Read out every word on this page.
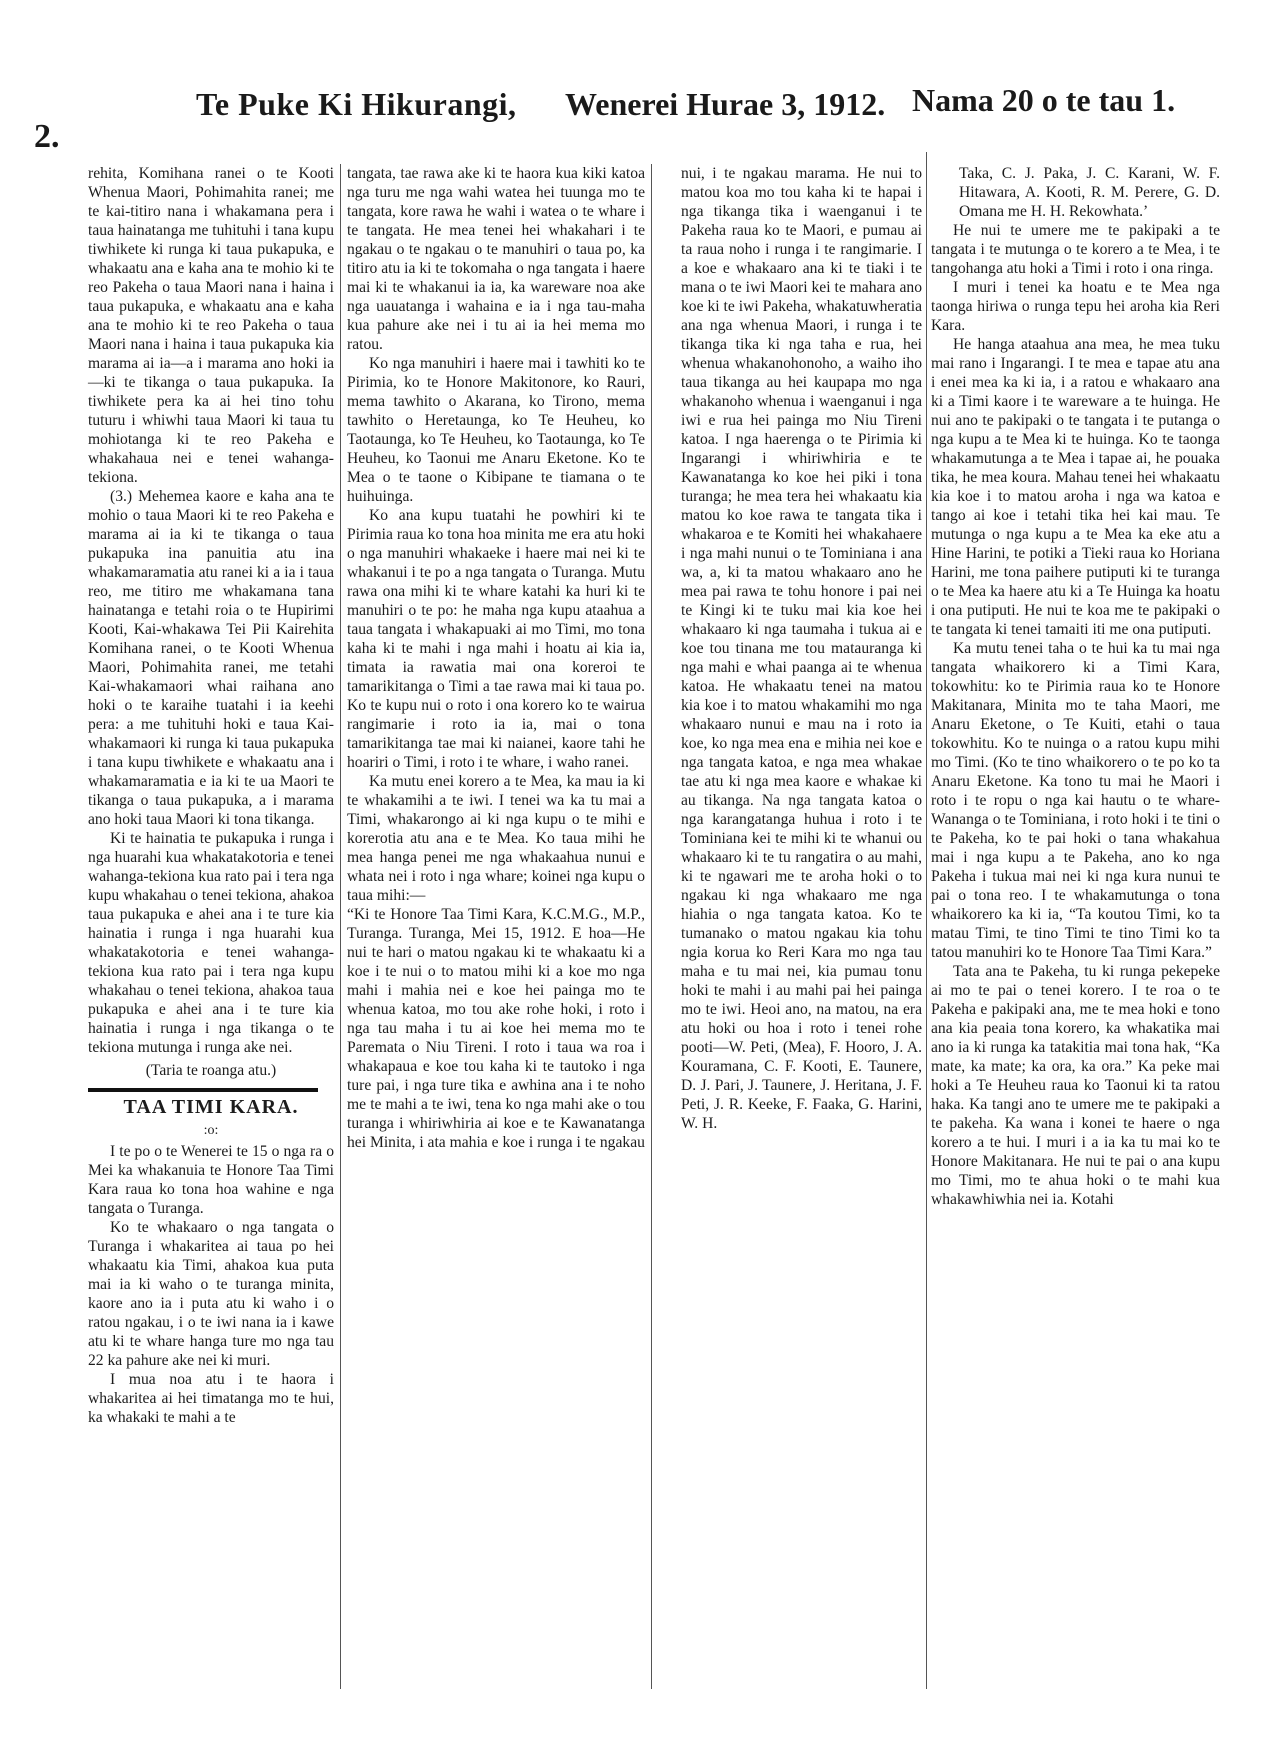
2.
Te Puke Ki Hikurangi, Wenerei Hurae 3, 1912. Nama 20 o te tau 1.

rehita, Komihana ranei o te Kooti Whenua Maori, Pohimahita ranei; me te kai-titiro nana i whakamana pera i taua hainatanga me tuhituhi i tana kupu tiwhikete ki runga ki taua pukapuka, e whakaatu ana e kaha ana te mohio ki te reo Pakeha o taua Maori nana i haina i taua pukapuka, e whakaatu ana e kaha ana te mohio ki te reo Pakeha o taua Maori nana i haina i taua pukapuka kia marama ai ia—a i marama ano hoki ia—ki te tikanga o taua pukapuka. Ia tiwhikete pera ka ai hei tino tohu tuturu i whiwhi taua Maori ki taua tu mohiotanga ki te reo Pakeha e whakahaua nei e tenei wahanga-tekiona.

(3.) Mehemea kaore e kaha ana te mohio o taua Maori ki te reo Pakeha e marama ai ia ki te tikanga o taua pukapuka ina panuitia atu ina whakamaramatia atu ranei ki a ia i taua reo, me titiro me whakamana tana hainatanga e tetahi roia o te Hupirimi Kooti, Kai-whakawa Tei Pii Kairehita Komihana ranei, o te Kooti Whenua Maori, Pohimahita ranei, me tetahi Kai-whakamaori whai raihana ano hoki o te karaihe tuatahi i ia keehi pera: a me tuhituhi hoki e taua Kai-whakamaori ki runga ki taua pukapuka i tana kupu tiwhikete e whakaatu ana i whakamaramatia e ia ki te ua Maori te tikanga o taua pukapuka, a i marama ano hoki taua Maori ki tona tikanga.

Ki te hainatia te pukapuka i runga i nga huarahi kua whakatakotoria e tenei wahanga-tekiona kua rato pai i tera nga kupu whakahau o tenei tekiona, ahakoa taua pukapuka e ahei ana i te ture kia hainatia i runga i nga huarahi kua whakatakotoria e tenei wahanga-tekiona kua rato pai i tera nga kupu whakahau o tenei tekiona, ahakoa taua pukapuka e ahei ana i te ture kia hainatia i runga i nga tikanga o te tekiona mutunga i runga ake nei.

(Taria te roanga atu.)

TAA TIMI KARA.
:o:

I te po o te Wenerei te 15 o nga ra o Mei ka whakanuia te Honore Taa Timi Kara raua ko tona hoa wahine e nga tangata o Turanga.

Ko te whakaaro o nga tangata o Turanga i whakaritea ai taua po hei whakaatu kia Timi, ahakoa kua puta mai ia ki waho o te turanga minita, kaore ano ia i puta atu ki waho i o ratou ngakau, i o te iwi nana ia i kawe atu ki te whare hanga ture mo nga tau 22 ka pahure ake nei ki muri.

I mua noa atu i te haora i whakaritea ai hei timatanga mo te hui, ka whakaki te mahi a te

tangata, tae rawa ake ki te haora kua kiki katoa nga turu me nga wahi watea hei tuunga mo te tangata, kore rawa he wahi i watea o te whare i te tangata. He mea tenei hei whakahari i te ngakau o te ngakau o te manuhiri o taua po, ka titiro atu ia ki te tokomaha o nga tangata i haere mai ki te whakanui ia ia, ka wareware noa ake nga uauatanga i wahaina e ia i nga tau-maha kua pahure ake nei i tu ai ia hei mema mo ratou.

Ko nga manuhiri i haere mai i tawhiti ko te Pirimia, ko te Honore Makitonore, ko Rauri, mema tawhito o Akarana, ko Tirono, mema tawhito o Heretaunga, ko Te Heuheu, ko Taotaunga, ko Te Heuheu, ko Taotaunga, ko Te Heuheu, ko Taonui me Anaru Eketone. Ko te Mea o te taone o Kibipane te tiamana o te huihuinga.

Ko ana kupu tuatahi he powhiri ki te Pirimia raua ko tona hoa minita me era atu hoki o nga manuhiri whakaeke i haere mai nei ki te whakanui i te po a nga tangata o Turanga. Mutu rawa ona mihi ki te whare katahi ka huri ki te manuhiri o te po: he maha nga kupu ataahua a taua tangata i whakapuaki ai mo Timi, mo tona kaha ki te mahi i nga mahi i hoatu ai kia ia, timata ia rawatia mai ona koreroi te tamarikitanga o Timi a tae rawa mai ki taua po. Ko te kupu nui o roto i ona korero ko te wairua rangimarie i roto ia ia, mai o tona tamarikitanga tae mai ki naianei, kaore tahi he hoariri o Timi, i roto i te whare, i waho ranei.

Ka mutu enei korero a te Mea, ka mau ia ki te whakamihi a te iwi. I tenei wa ka tu mai a Timi, whakarongo ai ki nga kupu o te mihi e korerotia atu ana e te Mea. Ko taua mihi he mea hanga penei me nga whakaahua nunui e whata nei i roto i nga whare; koinei nga kupu o taua mihi:—

“Ki te Honore Taa Timi Kara, K.C.M.G., M.P., Turanga. Turanga, Mei 15, 1912. E hoa—He nui te hari o matou ngakau ki te whakaatu ki a koe i te nui o to matou mihi ki a koe mo nga mahi i mahia nei e koe hei painga mo te whenua katoa, mo tou ake rohe hoki, i roto i nga tau maha i tu ai koe hei mema mo te Paremata o Niu Tireni. I roto i taua wa roa i whakapaua e koe tou kaha ki te tautoko i nga ture pai, i nga ture tika e awhina ana i te noho me te mahi a te iwi, tena ko nga mahi ake o tou turanga i whiriwhiria ai koe e te Kawanatanga hei Minita, i ata mahia e koe i runga i te ngakau

nui, i te ngakau marama. He nui to matou koa mo tou kaha ki te hapai i nga tikanga tika i waenganui i te Pakeha raua ko te Maori, e pumau ai ta raua noho i runga i te rangimarie. I a koe e whakaaro ana ki te tiaki i te mana o te iwi Maori kei te mahara ano koe ki te iwi Pakeha, whakatuwheratia ana nga whenua Maori, i runga i te tikanga tika ki nga taha e rua, hei whenua whakanohonoho, a waiho iho taua tikanga au hei kaupapa mo nga whakanoho whenua i waenganui i nga iwi e rua hei painga mo Niu Tireni katoa. I nga haerenga o te Pirimia ki Ingarangi i whiriwhiria e te Kawanatanga ko koe hei piki i tona turanga; he mea tera hei whakaatu kia matou ko koe rawa te tangata tika i whakaroa e te Komiti hei whakahaere i nga mahi nunui o te Tominiana i ana wa, a, ki ta matou whakaaro ano he mea pai rawa te tohu honore i pai nei te Kingi ki te tuku mai kia koe hei whakaaro ki nga taumaha i tukua ai e koe tou tinana me tou matauranga ki nga mahi e whai paanga ai te whenua katoa. He whakaatu tenei na matou kia koe i to matou whakamihi mo nga whakaaro nunui e mau na i roto ia koe, ko nga mea ena e mihia nei koe e nga tangata katoa, e nga mea whakae tae atu ki nga mea kaore e whakae ki au tikanga. Na nga tangata katoa o nga karangatanga huhua i roto i te Tominiana kei te mihi ki te whanui ou whakaaro ki te tu rangatira o au mahi, ki te ngawari me te aroha hoki o to ngakau ki nga whakaaro me nga hiahia o nga tangata katoa. Ko te tumanako o matou ngakau kia tohu ngia korua ko Reri Kara mo nga tau maha e tu mai nei, kia pumau tonu hoki te mahi i au mahi pai hei painga mo te iwi. Heoi ano, na matou, na era atu hoki ou hoa i roto i tenei rohe pooti—W. Peti, (Mea), F. Hooro, J. A. Kouramana, C. F. Kooti, E. Taunere, D. J. Pari, J. Taunere, J. Heritana, J. F. Peti, J. R. Keeke, F. Faaka, G. Harini, W. H.

Taka, C. J. Paka, J. C. Karani, W. F. Hitawara, A. Kooti, R. M. Perere, G. D. Omana me H. H. Rekowhata.’

He nui te umere me te pakipaki a te tangata i te mutunga o te korero a te Mea, i te tangohanga atu hoki a Timi i roto i ona ringa.

I muri i tenei ka hoatu e te Mea nga taonga hiriwa o runga tepu hei aroha kia Reri Kara.

He hanga ataahua ana mea, he mea tuku mai rano i Ingarangi. I te mea e tapae atu ana i enei mea ka ki ia, i a ratou e whakaaro ana ki a Timi kaore i te wareware a te huinga. He nui ano te pakipaki o te tangata i te putanga o nga kupu a te Mea ki te huinga. Ko te taonga whakamutunga a te Mea i tapae ai, he pouaka tika, he mea koura. Mahau tenei hei whakaatu kia koe i to matou aroha i nga wa katoa e tango ai koe i tetahi tika hei kai mau. Te mutunga o nga kupu a te Mea ka eke atu a Hine Harini, te potiki a Tieki raua ko Horiana Harini, me tona paihere putiputi ki te turanga o te Mea ka haere atu ki a Te Huinga ka hoatu i ona putiputi. He nui te koa me te pakipaki o te tangata ki tenei tamaiti iti me ona putiputi.

Ka mutu tenei taha o te hui ka tu mai nga tangata whaikorero ki a Timi Kara, tokowhitu: ko te Pirimia raua ko te Honore Makitanara, Minita mo te taha Maori, me Anaru Eketone, o Te Kuiti, etahi o taua tokowhitu. Ko te nuinga o a ratou kupu mihi mo Timi. (Ko te tino whaikorero o te po ko ta Anaru Eketone. Ka tono tu mai he Maori i roto i te ropu o nga kai hautu o te whare-Wananga o te Tominiana, i roto hoki i te tini o te Pakeha, ko te pai hoki o tana whakahua mai i nga kupu a te Pakeha, ano ko nga Pakeha i tukua mai nei ki nga kura nunui te pai o tona reo. I te whakamutunga o tona whaikorero ka ki ia, “Ta koutou Timi, ko ta matau Timi, te tino Timi te tino Timi ko ta tatou manuhiri ko te Honore Taa Timi Kara.”

Tata ana te Pakeha, tu ki runga pekepeke ai mo te pai o tenei korero. I te roa o te Pakeha e pakipaki ana, me te mea hoki e tono ana kia peaia tona korero, ka whakatika mai ano ia ki runga ka tatakitia mai tona hak, “Ka mate, ka mate; ka ora, ka ora.” Ka peke mai hoki a Te Heuheu raua ko Taonui ki ta ratou haka. Ka tangi ano te umere me te pakipaki a te pakeha. Ka wana i konei te haere o nga korero a te hui. I muri i a ia ka tu mai ko te Honore Makitanara. He nui te pai o ana kupu mo Timi, mo te ahua hoki o te mahi kua whakawhiwhia nei ia. Kotahi
